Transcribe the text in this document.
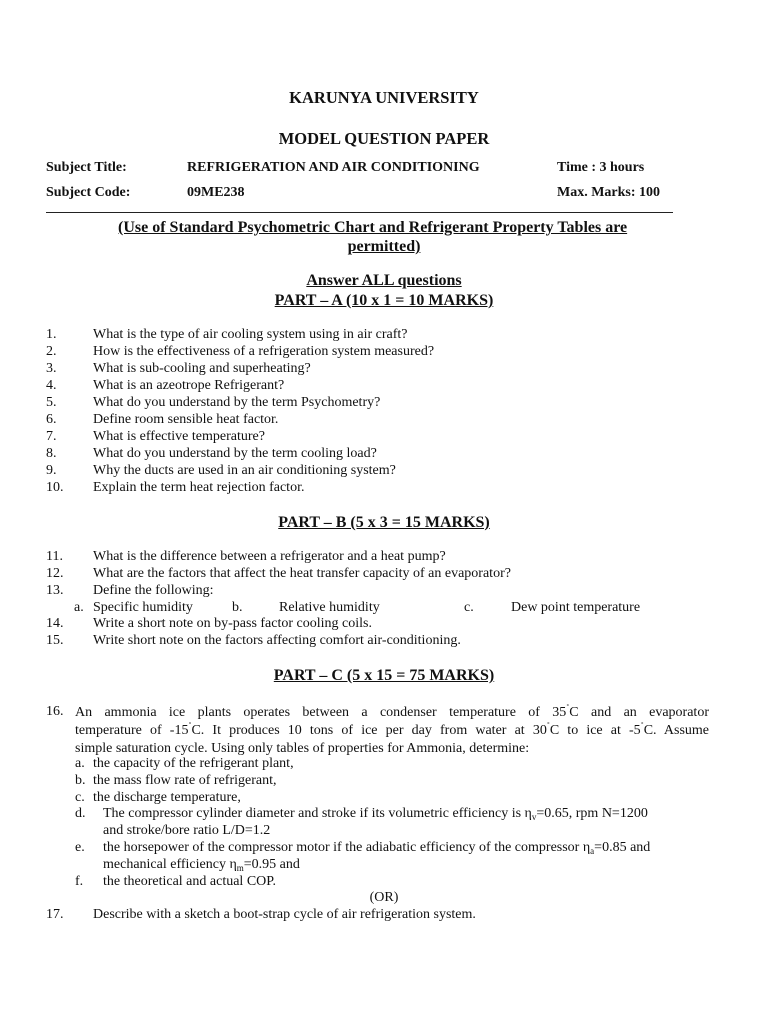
KARUNYA UNIVERSITY
MODEL QUESTION PAPER
Subject Title:	REFRIGERATION AND AIR CONDITIONING	Time : 3 hours
Subject Code:	09ME238	Max. Marks: 100
(Use of Standard Psychometric Chart and Refrigerant Property Tables are
permitted)
Answer ALL questions
PART – A (10 x 1 = 10 MARKS)
1.	What is the type of air cooling system using in air craft?
2.	How is the effectiveness of a refrigeration system measured?
3.	What is sub-cooling and superheating?
4.	What is an azeotrope Refrigerant?
5.	What do you understand by the term Psychometry?
6.	Define room sensible heat factor.
7.	What is effective temperature?
8.	What do you understand by the term cooling load?
9.	Why the ducts are used in an air conditioning system?
10.	Explain the term heat rejection factor.
PART – B (5 x 3 = 15 MARKS)
11.	What is the difference between a refrigerator and a heat pump?
12.	What are the factors that affect the heat transfer capacity of an evaporator?
13.	Define the following:
a. Specific humidity	b.	Relative humidity	c.	Dew point temperature
14.	Write a short note on by-pass factor cooling coils.
15.	Write short note on the factors affecting comfort air-conditioning.
PART – C (5 x 15 = 75 MARKS)
16. An ammonia ice plants operates between a condenser temperature of 35˚C and an evaporator
temperature of -15˚C. It produces 10 tons of ice per day from water at 30˚C to ice at -5˚C. Assume
simple saturation cycle. Using only tables of properties for Ammonia, determine:
a. the capacity of the refrigerant plant,
b. the mass flow rate of refrigerant,
c. the discharge temperature,
d. The compressor cylinder diameter and stroke if its volumetric efficiency is $\eta_v=0.65$, rpm N=1200
and stroke/bore ratio L/D=1.2
e. the horsepower of the compressor motor if the adiabatic efficiency of the compressor $\eta_a=0.85$ and
mechanical efficiency $\eta_m=0.95$ and
f. the theoretical and actual COP.
(OR)
17.	Describe with a sketch a boot-strap cycle of air refrigeration system.
